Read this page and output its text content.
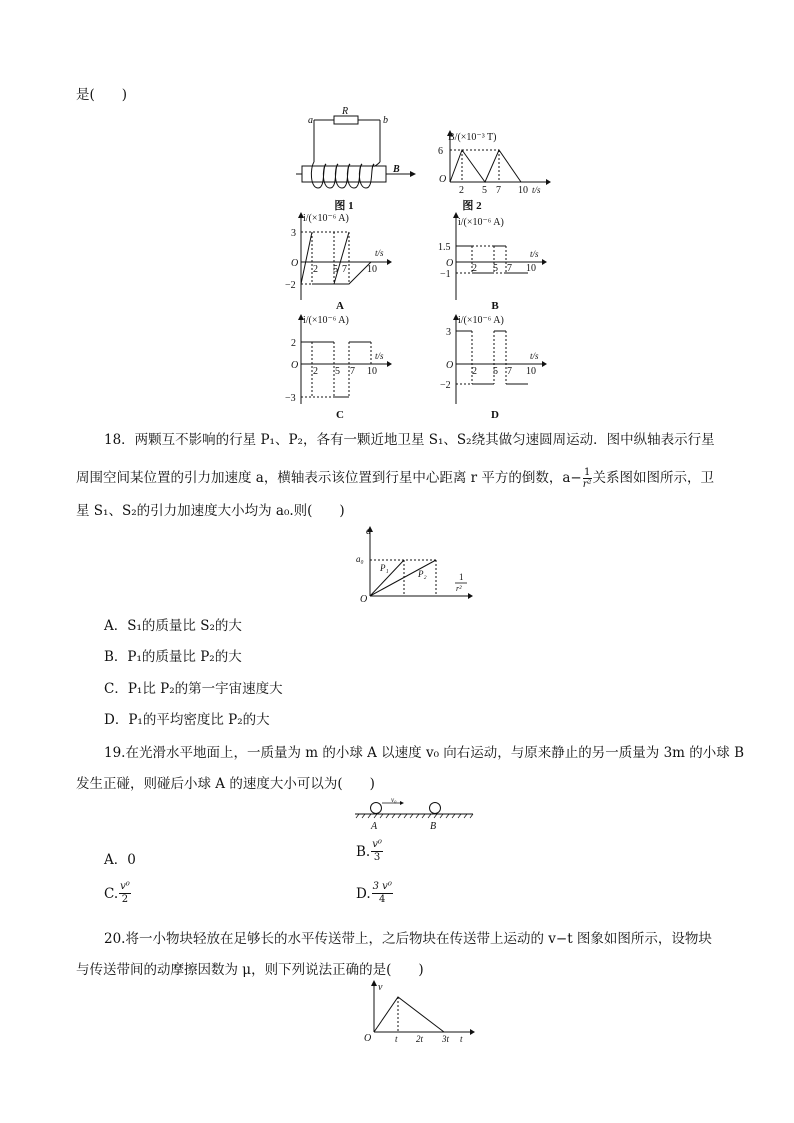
是(　　)
a
R
b
B
图 1
B/(×10⁻³ T)
6
O
2 5 7 10 t/s
图 2
i/(×10⁻⁶ A)
3
−2
O
2 5 7 10
t/s
A
i/(×10⁻⁶ A)
1.5
−1
O 2 5 7 10
t/s
B
i/(×10⁻⁶ A)
2
−3
O
2 5 7 10
t/s
C
i/(×10⁻⁶ A)
3
−2
O
2 5 7 10
t/s
D
18．两颗互不影响的行星 P₁、P₂，各有一颗近地卫星 S₁、S₂绕其做匀速圆周运动．图中纵轴表示行星
周围空间某位置的引力加速度 a，横轴表示该位置到行星中心距离 r 平方的倒数，$a- \frac{1}{\text{r²}}$ 关系图如图所示，卫
星 S₁、S₂的引力加速度大小均为 a₀.则(　　)
a
a₀
O
P₁
P₂	1
r²
A．S₁的质量比 S₂的大
B．P₁的质量比 P₂的大
C．P₁比 P₂的第一宇宙速度大
D．P₁的平均密度比 P₂的大
19.在光滑水平地面上，一质量为 m 的小球 A 以速度 v₀ 向右运动，与原来静止的另一质量为 3m 的小球 B
发生正碰，则碰后小球 A 的速度大小可以为(　　)
v₀
A	B
A．0
B. $\frac{\text{v⁰}}{3}$
C. $\frac{\text{v⁰}}{2}$	D. $\frac{\text{3 v⁰}}{4}$
20.将一小物块轻放在足够长的水平传送带上，之后物块在传送带上运动的 v−t 图象如图所示，设物块
与传送带间的动摩擦因数为 μ，则下列说法正确的是(　　)
v
O	t 2t 3t t
